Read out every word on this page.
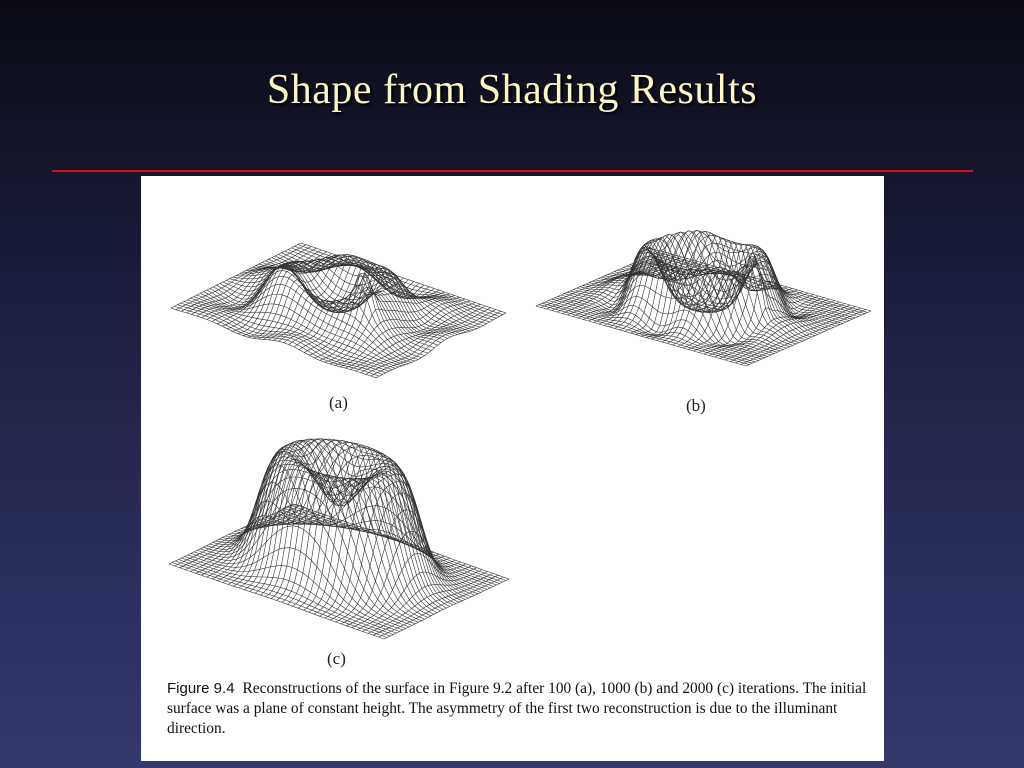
Shape from Shading Results
(a)	(b)
(c)
Figure 9.4 Reconstructions of the surface in Figure 9.2 after 100 (a), 1000 (b) and 2000 (c) iterations. The initial surface was a plane of constant height. The asymmetry of the first two reconstruction is due to the illuminant direction.
